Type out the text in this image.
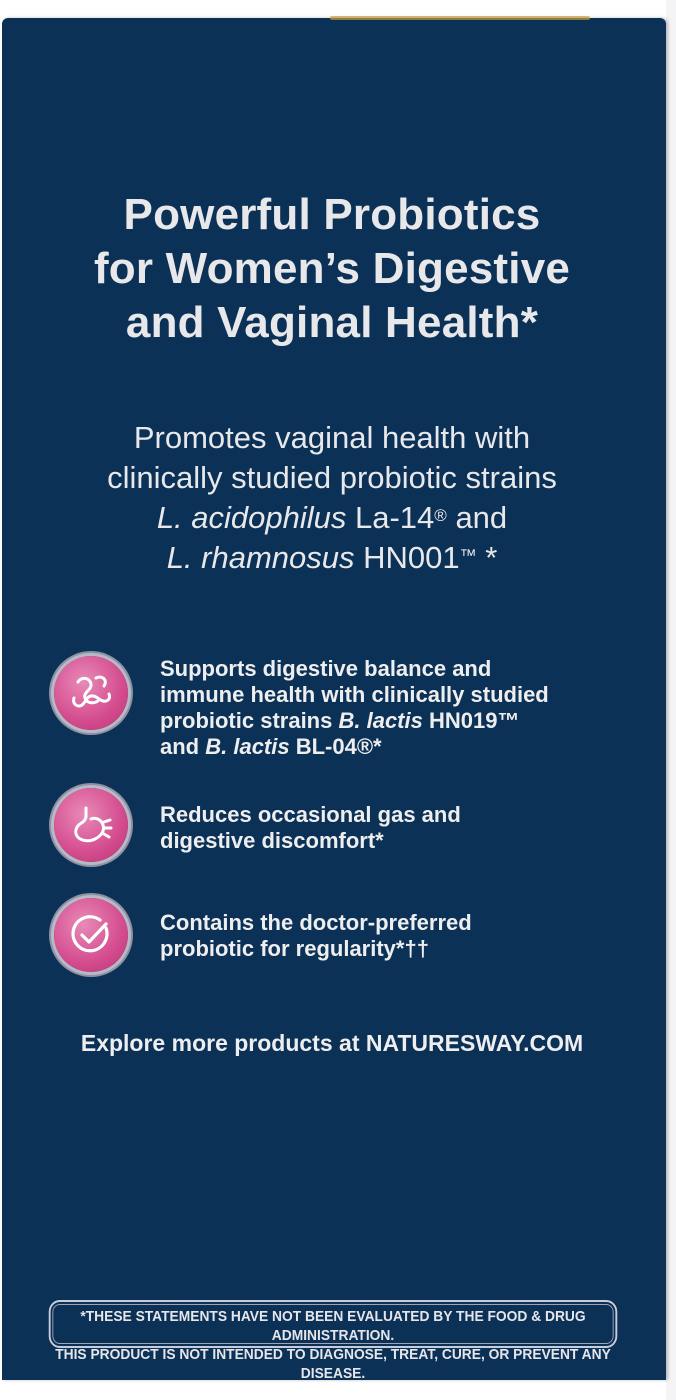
Powerful Probiotics
for Women’s Digestive
and Vaginal Health*
Promotes vaginal health with
clinically studied probiotic strains
L. acidophilus La-14® and
L. rhamnosus HN001™ *
Supports digestive balance and
immune health with clinically studied
probiotic strains B. lactis HN019™
and B. lactis BL-04®*
Reduces occasional gas and
digestive discomfort*
Contains the doctor-preferred
probiotic for regularity*††
Explore more products at NATURESWAY.COM
*THESE STATEMENTS HAVE NOT BEEN EVALUATED BY THE FOOD & DRUG ADMINISTRATION.
THIS PRODUCT IS NOT INTENDED TO DIAGNOSE, TREAT, CURE, OR PREVENT ANY DISEASE.
